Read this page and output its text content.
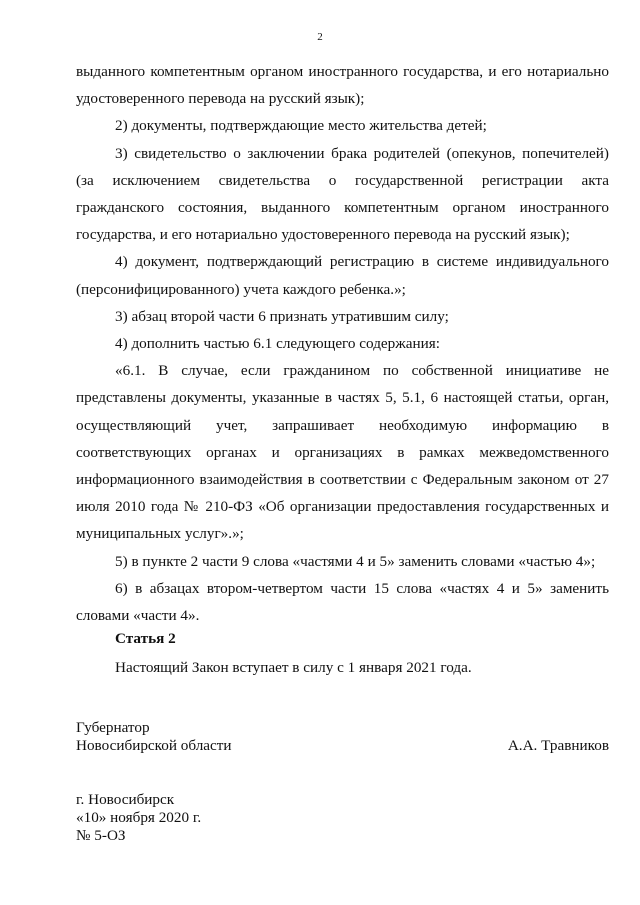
2

выданного компетентным органом иностранного государства, и его нотариально удостоверенного перевода на русский язык);

2) документы, подтверждающие место жительства детей;

3) свидетельство о заключении брака родителей (опекунов, попечителей) (за исключением свидетельства о государственной регистрации акта гражданского состояния, выданного компетентным органом иностранного государства, и его нотариально удостоверенного перевода на русский язык);

4) документ, подтверждающий регистрацию в системе индивидуального (персонифицированного) учета каждого ребенка.»;

3) абзац второй части 6 признать утратившим силу;

4) дополнить частью 6.1 следующего содержания:

«6.1. В случае, если гражданином по собственной инициативе не представлены документы, указанные в частях 5, 5.1, 6 настоящей статьи, орган, осуществляющий учет, запрашивает необходимую информацию в соответствующих органах и организациях в рамках межведомственного информационного взаимодействия в соответствии с Федеральным законом от 27 июля 2010 года № 210-ФЗ «Об организации предоставления государственных и муниципальных услуг».»;

5) в пункте 2 части 9 слова «частями 4 и 5» заменить словами «частью 4»;

6) в абзацах втором-четвертом части 15 слова «частях 4 и 5» заменить словами «части 4».

Статья 2
Настоящий Закон вступает в силу с 1 января 2021 года.
Губернатор
Новосибирской области	А.А. Травников
г. Новосибирск
«10» ноября 2020 г.
№ 5-ОЗ
